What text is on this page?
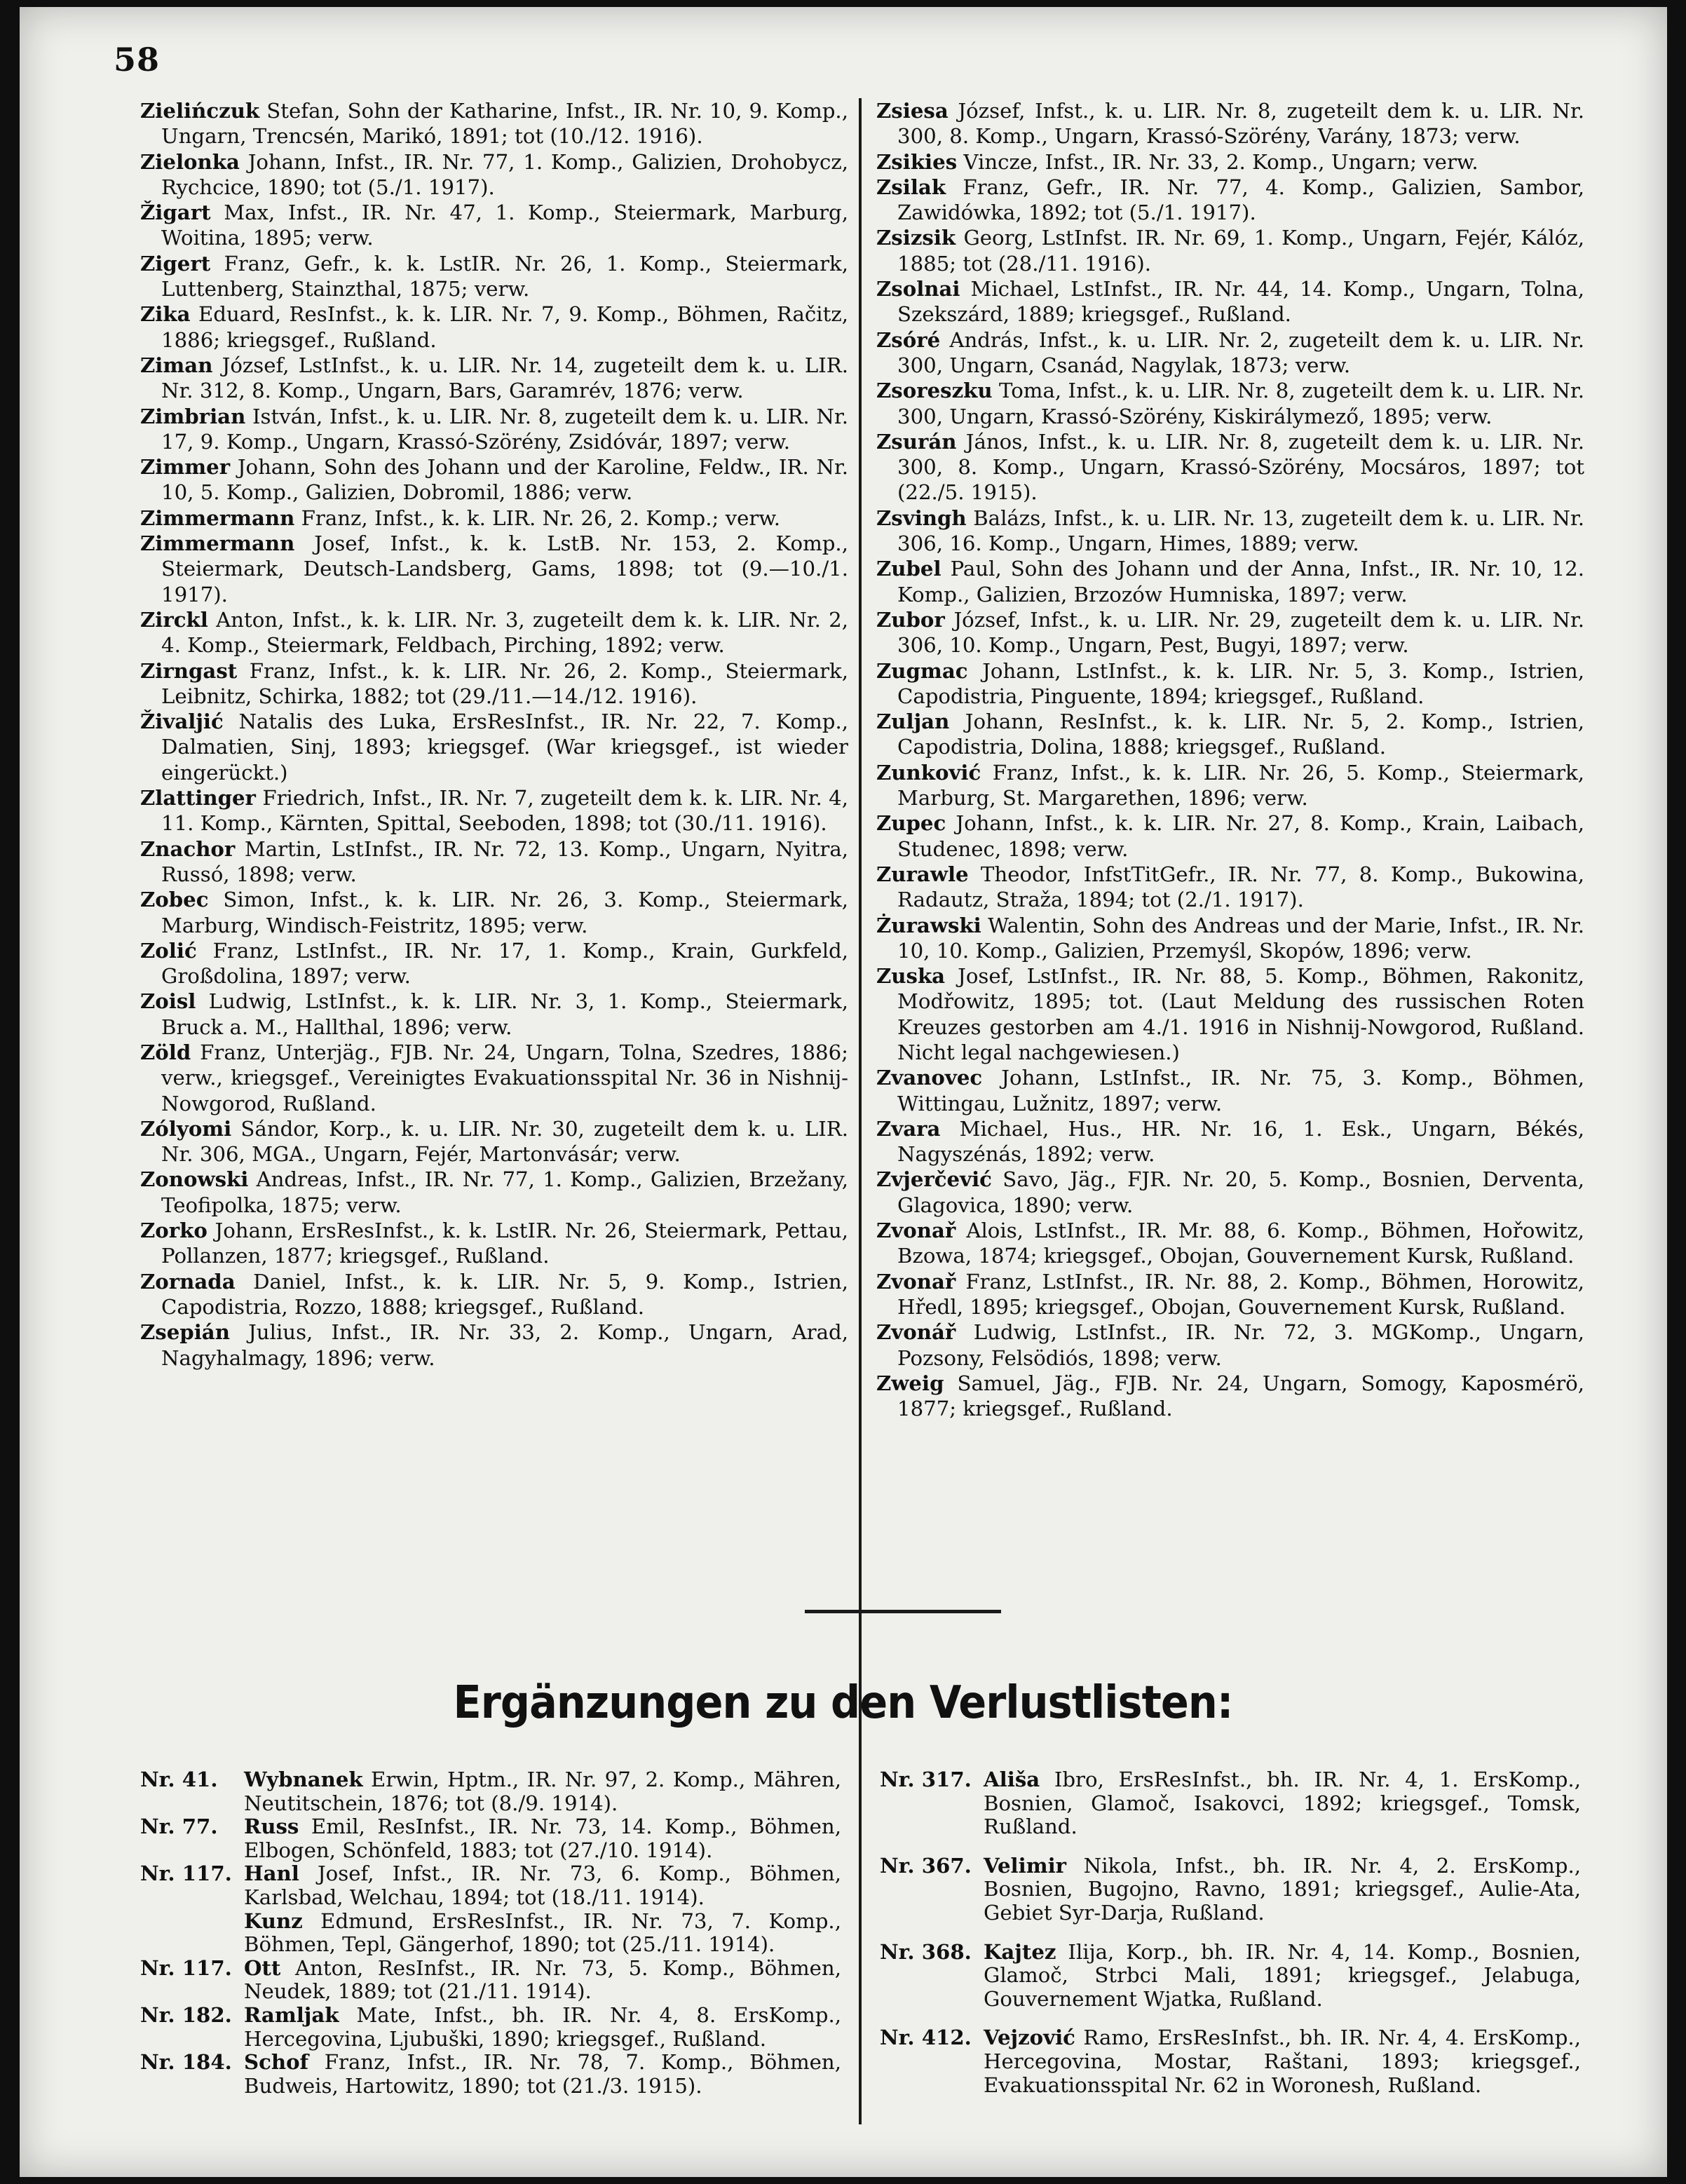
58
Zielińczuk Stefan, Sohn der Katharine, Infst., IR. Nr. 10, 9. Komp., Ungarn, Trencsén, Marikó, 1891; tot (10./12. 1916).
Zielonka Johann, Infst., IR. Nr. 77, 1. Komp., Galizien, Drohobycz, Rychcice, 1890; tot (5./1. 1917).
Žigart Max, Infst., IR. Nr. 47, 1. Komp., Steiermark, Marburg, Woitina, 1895; verw.
Zigert Franz, Gefr., k. k. LstIR. Nr. 26, 1. Komp., Steiermark, Luttenberg, Stainzthal, 1875; verw.
Zika Eduard, ResInfst., k. k. LIR. Nr. 7, 9. Komp., Böhmen, Račitz, 1886; kriegsgef., Rußland.
Ziman József, LstInfst., k. u. LIR. Nr. 14, zugeteilt dem k. u. LIR. Nr. 312, 8. Komp., Ungarn, Bars, Garamrév, 1876; verw.
Zimbrian István, Infst., k. u. LIR. Nr. 8, zugeteilt dem k. u. LIR. Nr. 17, 9. Komp., Ungarn, Krassó-Szörény, Zsidóvár, 1897; verw.
Zimmer Johann, Sohn des Johann und der Karoline, Feldw., IR. Nr. 10, 5. Komp., Galizien, Dobromil, 1886; verw.
Zimmermann Franz, Infst., k. k. LIR. Nr. 26, 2. Komp.; verw.
Zimmermann Josef, Infst., k. k. LstB. Nr. 153, 2. Komp., Steiermark, Deutsch-Landsberg, Gams, 1898; tot (9.—10./1. 1917).
Zirckl Anton, Infst., k. k. LIR. Nr. 3, zugeteilt dem k. k. LIR. Nr. 2, 4. Komp., Steiermark, Feldbach, Pirching, 1892; verw.
Zirngast Franz, Infst., k. k. LIR. Nr. 26, 2. Komp., Steiermark, Leibnitz, Schirka, 1882; tot (29./11.—14./12. 1916).
Živaljić Natalis des Luka, ErsResInfst., IR. Nr. 22, 7. Komp., Dalmatien, Sinj, 1893; kriegsgef. (War kriegsgef., ist wieder eingerückt.)
Zlattinger Friedrich, Infst., IR. Nr. 7, zugeteilt dem k. k. LIR. Nr. 4, 11. Komp., Kärnten, Spittal, Seeboden, 1898; tot (30./11. 1916).
Znachor Martin, LstInfst., IR. Nr. 72, 13. Komp., Ungarn, Nyitra, Russó, 1898; verw.
Zobec Simon, Infst., k. k. LIR. Nr. 26, 3. Komp., Steiermark, Marburg, Windisch-Feistritz, 1895; verw.
Zolić Franz, LstInfst., IR. Nr. 17, 1. Komp., Krain, Gurkfeld, Großdolina, 1897; verw.
Zoisl Ludwig, LstInfst., k. k. LIR. Nr. 3, 1. Komp., Steiermark, Bruck a. M., Hallthal, 1896; verw.
Zöld Franz, Unterjäg., FJB. Nr. 24, Ungarn, Tolna, Szedres, 1886; verw., kriegsgef., Vereinigtes Evakuationsspital Nr. 36 in Nishnij-Nowgorod, Rußland.
Zólyomi Sándor, Korp., k. u. LIR. Nr. 30, zugeteilt dem k. u. LIR. Nr. 306, MGA., Ungarn, Fejér, Martonvásár; verw.
Zonowski Andreas, Infst., IR. Nr. 77, 1. Komp., Galizien, Brzežany, Teofipolka, 1875; verw.
Zorko Johann, ErsResInfst., k. k. LstIR. Nr. 26, Steiermark, Pettau, Pollanzen, 1877; kriegsgef., Rußland.
Zornada Daniel, Infst., k. k. LIR. Nr. 5, 9. Komp., Istrien, Capodistria, Rozzo, 1888; kriegsgef., Rußland.
Zsepián Julius, Infst., IR. Nr. 33, 2. Komp., Ungarn, Arad, Nagyhalmagy, 1896; verw.
Zsiesa József, Infst., k. u. LIR. Nr. 8, zugeteilt dem k. u. LIR. Nr. 300, 8. Komp., Ungarn, Krassó-Szörény, Varány, 1873; verw.
Zsikies Vincze, Infst., IR. Nr. 33, 2. Komp., Ungarn; verw.
Zsilak Franz, Gefr., IR. Nr. 77, 4. Komp., Galizien, Sambor, Zawidówka, 1892; tot (5./1. 1917).
Zsizsik Georg, LstInfst. IR. Nr. 69, 1. Komp., Ungarn, Fejér, Kálóz, 1885; tot (28./11. 1916).
Zsolnai Michael, LstInfst., IR. Nr. 44, 14. Komp., Ungarn, Tolna, Szekszárd, 1889; kriegsgef., Rußland.
Zsóré András, Infst., k. u. LIR. Nr. 2, zugeteilt dem k. u. LIR. Nr. 300, Ungarn, Csanád, Nagylak, 1873; verw.
Zsoreszku Toma, Infst., k. u. LIR. Nr. 8, zugeteilt dem k. u. LIR. Nr. 300, Ungarn, Krassó-Szörény, Kiskirálymező, 1895; verw.
Zsurán János, Infst., k. u. LIR. Nr. 8, zugeteilt dem k. u. LIR. Nr. 300, 8. Komp., Ungarn, Krassó-Szörény, Mocsáros, 1897; tot (22./5. 1915).
Zsvingh Balázs, Infst., k. u. LIR. Nr. 13, zugeteilt dem k. u. LIR. Nr. 306, 16. Komp., Ungarn, Himes, 1889; verw.
Zubel Paul, Sohn des Johann und der Anna, Infst., IR. Nr. 10, 12. Komp., Galizien, Brzozów Humniska, 1897; verw.
Zubor József, Infst., k. u. LIR. Nr. 29, zugeteilt dem k. u. LIR. Nr. 306, 10. Komp., Ungarn, Pest, Bugyi, 1897; verw.
Zugmac Johann, LstInfst., k. k. LIR. Nr. 5, 3. Komp., Istrien, Capodistria, Pinguente, 1894; kriegsgef., Rußland.
Zuljan Johann, ResInfst., k. k. LIR. Nr. 5, 2. Komp., Istrien, Capodistria, Dolina, 1888; kriegsgef., Rußland.
Zunković Franz, Infst., k. k. LIR. Nr. 26, 5. Komp., Steiermark, Marburg, St. Margarethen, 1896; verw.
Zupec Johann, Infst., k. k. LIR. Nr. 27, 8. Komp., Krain, Laibach, Studenec, 1898; verw.
Zurawle Theodor, InfstTitGefr., IR. Nr. 77, 8. Komp., Bukowina, Radautz, Straža, 1894; tot (2./1. 1917).
Żurawski Walentin, Sohn des Andreas und der Marie, Infst., IR. Nr. 10, 10. Komp., Galizien, Przemyśl, Skopów, 1896; verw.
Zuska Josef, LstInfst., IR. Nr. 88, 5. Komp., Böhmen, Rakonitz, Modřowitz, 1895; tot. (Laut Meldung des russischen Roten Kreuzes gestorben am 4./1. 1916 in Nishnij-Nowgorod, Rußland. Nicht legal nachgewiesen.)
Zvanovec Johann, LstInfst., IR. Nr. 75, 3. Komp., Böhmen, Wittingau, Lužnitz, 1897; verw.
Zvara Michael, Hus., HR. Nr. 16, 1. Esk., Ungarn, Békés, Nagyszénás, 1892; verw.
Zvjerčević Savo, Jäg., FJR. Nr. 20, 5. Komp., Bosnien, Derventa, Glagovica, 1890; verw.
Zvonař Alois, LstInfst., IR. Mr. 88, 6. Komp., Böhmen, Hořowitz, Bzowa, 1874; kriegsgef., Obojan, Gouvernement Kursk, Rußland.
Zvonař Franz, LstInfst., IR. Nr. 88, 2. Komp., Böhmen, Horowitz, Hředl, 1895; kriegsgef., Obojan, Gouvernement Kursk, Rußland.
Zvonář Ludwig, LstInfst., IR. Nr. 72, 3. MGKomp., Ungarn, Pozsony, Felsödiós, 1898; verw.
Zweig Samuel, Jäg., FJB. Nr. 24, Ungarn, Somogy, Kaposmérö, 1877; kriegsgef., Rußland.
Ergänzungen zu den Verlustlisten:
Nr. 41.	Wybnanek Erwin, Hptm., IR. Nr. 97, 2. Komp., Mähren, Neutitschein, 1876; tot (8./9. 1914).
Nr. 77.	Russ Emil, ResInfst., IR. Nr. 73, 14. Komp., Böhmen, Elbogen, Schönfeld, 1883; tot (27./10. 1914).
Nr. 117. Hanl Josef, Infst., IR. Nr. 73, 6. Komp., Böhmen, Karlsbad, Welchau, 1894; tot (18./11. 1914).
Kunz Edmund, ErsResInfst., IR. Nr. 73, 7. Komp., Böhmen, Tepl, Gängerhof, 1890; tot (25./11. 1914).
Nr. 117. Ott Anton, ResInfst., IR. Nr. 73, 5. Komp., Böhmen, Neudek, 1889; tot (21./11. 1914).
Nr. 182. Ramljak Mate, Infst., bh. IR. Nr. 4, 8. ErsKomp., Hercegovina, Ljubuški, 1890; kriegsgef., Rußland.
Nr. 184. Schof Franz, Infst., IR. Nr. 78, 7. Komp., Böhmen, Budweis, Hartowitz, 1890; tot (21./3. 1915).
Nr. 317. Ališa Ibro, ErsResInfst., bh. IR. Nr. 4, 1. ErsKomp., Bosnien, Glamoč, Isakovci, 1892; kriegsgef., Tomsk, Rußland.
Nr. 367. Velimir Nikola, Infst., bh. IR. Nr. 4, 2. ErsKomp., Bosnien, Bugojno, Ravno, 1891; kriegsgef., Aulie-Ata, Gebiet Syr-Darja, Rußland.
Nr. 368. Kajtez Ilija, Korp., bh. IR. Nr. 4, 14. Komp., Bosnien, Glamoč, Strbci Mali, 1891; kriegsgef., Jelabuga, Gouvernement Wjatka, Rußland.
Nr. 412. Vejzović Ramo, ErsResInfst., bh. IR. Nr. 4, 4. ErsKomp., Hercegovina, Mostar, Raštani, 1893; kriegsgef., Evakuationsspital Nr. 62 in Woronesh, Rußland.
